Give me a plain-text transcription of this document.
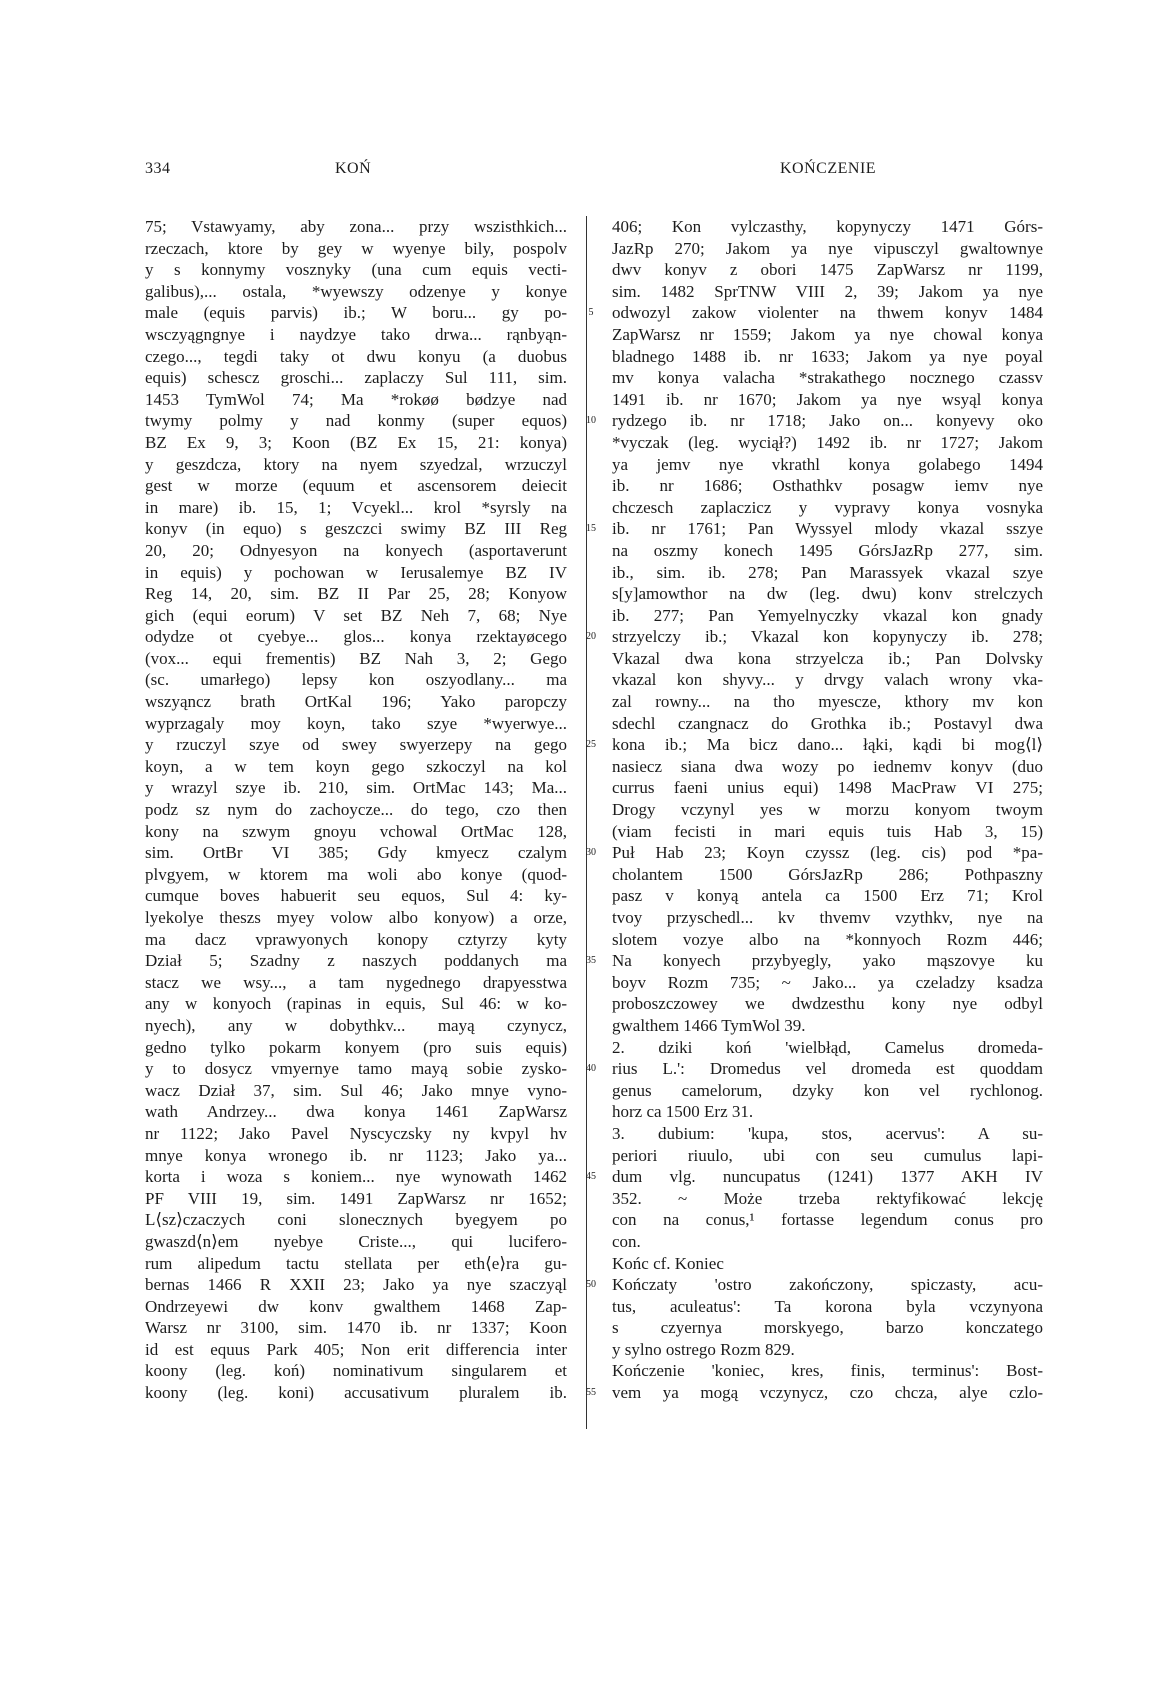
334	KOŃ	KOŃCZENIE
75; Vstawyamy, aby zona... przy wszisthkich...
rzeczach, ktore by gey w wyenye bily, pospolv
y s konnymy vosznyky (una cum equis vecti-
galibus),... ostala, *wyewszy odzenye y konye
male (equis parvis) ib.; W boru... gy po-
wsczyągngnye i naydzye tako drwa... rąnbyąn-
czego..., tegdi taky ot dwu konyu (a duobus
equis) schescz groschi... zaplaczy Sul 111, sim.
1453 TymWol 74; Ma *rokøø bødzye nad
twymy polmy y nad konmy (super equos)
BZ Ex 9, 3; Koon (BZ Ex 15, 21: konya)
y geszdcza, ktory na nyem szyedzal, wrzuczyl
gest w morze (equum et ascensorem deiecit
in mare) ib. 15, 1; Vcyekl... krol *syrsly na
konyv (in equo) s geszczci swimy BZ III Reg
20, 20; Odnyesyon na konyech (asportaverunt
in equis) y pochowan w Ierusalemye BZ IV
Reg 14, 20, sim. BZ II Par 25, 28; Konyow
gich (equi eorum) V set BZ Neh 7, 68; Nye
odydze ot cyebye... glos... konya rzektayøcego
(vox... equi frementis) BZ Nah 3, 2; Gego
(sc. umarłego) lepsy kon oszyodlany... ma
wszyąncz brath OrtKal 196; Yako paropczy
wyprzagaly moy koyn, tako szye *wyerwye...
y rzuczyl szye od swey swyerzepy na gego
koyn, a w tem koyn gego szkoczyl na kol
y wrazyl szye ib. 210, sim. OrtMac 143; Ma...
podz sz nym do zachoycze... do tego, czo then
kony na szwym gnoyu vchowal OrtMac 128,
sim. OrtBr VI 385; Gdy kmyecz czalym
plvgyem, w ktorem ma woli abo konye (quod-
cumque boves habuerit seu equos, Sul 4: ky-
lyekolye theszs myey volow albo konyow) a orze,
ma dacz vprawyonych konopy cztyrzy kyty
Dział 5; Szadny z naszych poddanych ma
stacz we wsy..., a tam nygednego drapyesstwa
any w konyoch (rapinas in equis, Sul 46: w ko-
nyech), any w dobythkv... mayą czynycz,
gedno tylko pokarm konyem (pro suis equis)
y to dosycz vmyernye tamo mayą sobie zysko-
wacz Dział 37, sim. Sul 46; Jako mnye vyno-
wath Andrzey... dwa konya 1461 ZapWarsz
nr 1122; Jako Pavel Nyscyczsky ny kvpyl hv
mnye konya wronego ib. nr 1123; Jako ya...
korta i woza s koniem... nye wynowath 1462
PF VIII 19, sim. 1491 ZapWarsz nr 1652;
L⟨sz⟩czaczych coni slonecznych byegyem po
gwaszd⟨n⟩em nyebye Criste..., qui lucifero-
rum alipedum tactu stellata per eth⟨e⟩ra gu-
bernas 1466 R XXII 23; Jako ya nye szaczyąl
Ondrzeyewi dw konv gwalthem 1468 Zap-
Warsz nr 3100, sim. 1470 ib. nr 1337; Koon
id est equus Park 405; Non erit differencia inter
koony (leg. koń) nominativum singularem et
koony (leg. koni) accusativum pluralem ib.
5
10
15
20
25
30
35
40
45
50
55
406; Kon vylczasthy, kopynyczy 1471 Górs-
JazRp 270; Jakom ya nye vipusczyl gwaltownye
dwv konyv z obori 1475 ZapWarsz nr 1199,
sim. 1482 SprTNW VIII 2, 39; Jakom ya nye
odwozyl zakow violenter na thwem konyv 1484
ZapWarsz nr 1559; Jakom ya nye chowal konya
bladnego 1488 ib. nr 1633; Jakom ya nye poyal
mv konya valacha *strakathego nocznego czassv
1491 ib. nr 1670; Jakom ya nye wsyąl konya
rydzego ib. nr 1718; Jako on... konyevy oko
*vyczak (leg. wyciął?) 1492 ib. nr 1727; Jakom
ya jemv nye vkrathl konya golabego 1494
ib. nr 1686; Osthathkv posagw iemv nye
chczesch zaplaczicz y vypravy konya vosnyka
ib. nr 1761; Pan Wyssyel mlody vkazal sszye
na oszmy konech 1495 GórsJazRp 277, sim.
ib., sim. ib. 278; Pan Marassyek vkazal szye
s[y]amowthor na dw (leg. dwu) konv strelczych
ib. 277; Pan Yemyelnyczky vkazal kon gnady
strzyelczy ib.; Vkazal kon kopynyczy ib. 278;
Vkazal dwa kona strzyelcza ib.; Pan Dolvsky
vkazal kon shyvy... y drvgy valach wrony vka-
zal rowny... na tho myescze, kthory mv kon
sdechl czangnacz do Grothka ib.; Postavyl dwa
kona ib.; Ma bicz dano... łąki, kądi bi mog⟨l⟩
nasiecz siana dwa wozy po iednemv konyv (duo
currus faeni unius equi) 1498 MacPraw VI 275;
Drogy vczynyl yes w morzu konyom twoym
(viam fecisti in mari equis tuis Hab 3, 15)
Puł Hab 23; Koyn czyssz (leg. cis) pod *pa-
cholantem 1500 GórsJazRp 286; Pothpaszny
pasz v konyą antela ca 1500 Erz 71; Krol
tvoy przyschedl... kv thvemv vzythkv, nye na
slotem vozye albo na *konnyoch Rozm 446;
Na konyech przybyegly, yako mąszovye ku
boyv Rozm 735; ~ Jako... ya czeladzy ksadza
proboszczowey we dwdzesthu kony nye odbyl
gwalthem 1466 TymWol 39.
2. dziki koń 'wielbłąd, Camelus dromeda-
rius L.': Dromedus vel dromeda est quoddam
genus camelorum, dzyky kon vel rychlonog.
horz ca 1500 Erz 31.
3. dubium: 'kupa, stos, acervus': A su-
periori riuulo, ubi con seu cumulus lapi-
dum vlg. nuncupatus (1241) 1377 AKH IV
352. ~ Może trzeba rektyfikować lekcję
con na conus,¹ fortasse legendum conus pro
con.
Końc cf. Koniec
Kończaty 'ostro zakończony, spiczasty, acu-
tus, aculeatus': Ta korona byla vczynyona
s czyernya morskyego, barzo konczatego
y sylno ostrego Rozm 829.
Kończenie 'koniec, kres, finis, terminus': Bost-
vem ya mogą vczynycz, czo chcza, alye czlo-
